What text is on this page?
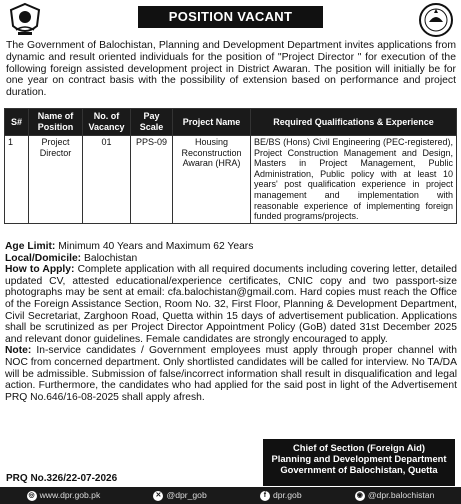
POSITION VACANT

The Government of Balochistan, Planning and Development Department invites applications from dynamic and result oriented individuals for the position of "Project Director " for execution of the following foreign assisted development project in District Awaran. The position will initially be for one year on contract basis with the possibility of extension based on performance and project duration.

S#	Name of Position	No. of Vacancy	Pay Scale	Project Name	Required Qualifications & Experience
1	Project Director	01	PPS-09	Housing Reconstruction Awaran (HRA)	BE/BS (Hons) Civil Engineering (PEC-registered), Project Construction Management and Design, Masters in Project Management, Public Administration, Public policy with at least 10 years' post qualification experience in project management and implementation with reasonable experience of implementing foreign funded programs/projects.

Age Limit: Minimum 40 Years and Maximum 62 Years

Local/Domicile: Balochistan

How to Apply: Complete application with all required documents including covering letter, detailed updated CV, attested educational/experience certificates, CNIC copy and two passport-size photographs may be sent at email: cfa.balochistan@gmail.com. Hard copies must reach the Office of the Foreign Assistance Section, Room No. 32, First Floor, Planning & Development Department, Civil Secretariat, Zarghoon Road, Quetta within 15 days of advertisement publication. Applications shall be scrutinized as per Project Director Appointment Policy (GoB) dated 31st December 2025 and relevant donor guidelines. Female candidates are strongly encouraged to apply.

Note: In-service candidates / Government employees must apply through proper channel with NOC from concerned department. Only shortlisted candidates will be called for interview. No TA/DA will be admissible. Submission of false/incorrect information shall result in disqualification and legal action. Furthermore, the candidates who had applied for the said post in light of the Advertisement PRQ No.646/16-08-2025 shall apply afresh.

Chief of Section (Foreign Aid)
Planning and Development Department
Government of Balochistan, Quetta
PRQ No.326/22-07-2026
◎ www.dpr.gob.pk	✕ @dpr_gob	f dpr.gob	◉ @dpr.balochistan
